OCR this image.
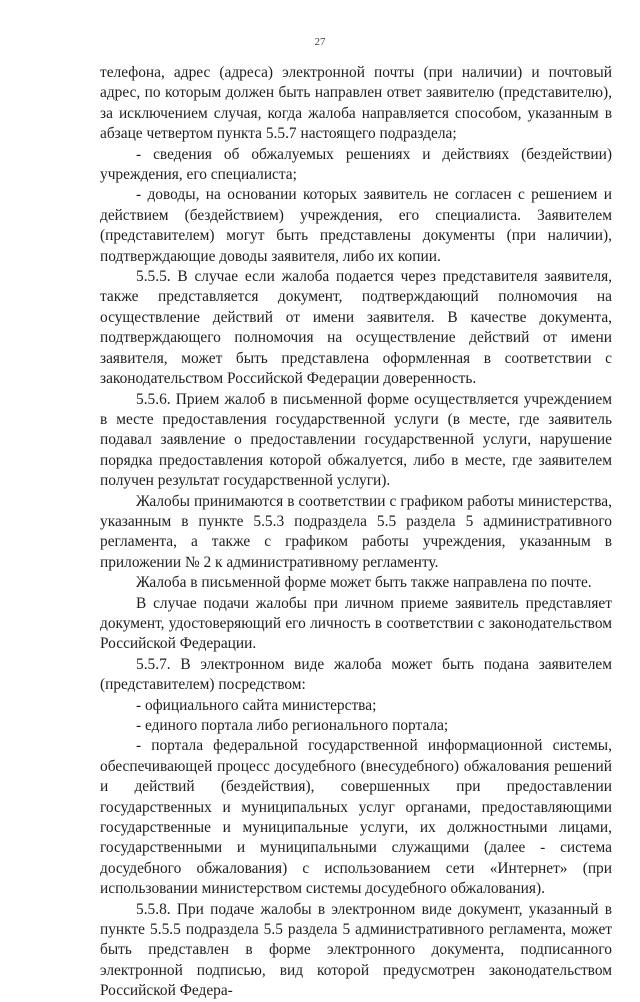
27

телефона, адрес (адреса) электронной почты (при наличии) и почтовый адрес, по которым должен быть направлен ответ заявителю (представителю), за исключением случая, когда жалоба направляется способом, указанным в абзаце четвертом пункта 5.5.7 настоящего подраздела;

- сведения об обжалуемых решениях и действиях (бездействии) учреждения, его специалиста;

- доводы, на основании которых заявитель не согласен с решением и действием (бездействием) учреждения, его специалиста. Заявителем (представителем) могут быть представлены документы (при наличии), подтверждающие доводы заявителя, либо их копии.

5.5.5. В случае если жалоба подается через представителя заявителя, также представляется документ, подтверждающий полномочия на осуществление действий от имени заявителя. В качестве документа, подтверждающего полномочия на осуществление действий от имени заявителя, может быть представлена оформленная в соответствии с законодательством Российской Федерации доверенность.

5.5.6. Прием жалоб в письменной форме осуществляется учреждением в месте предоставления государственной услуги (в месте, где заявитель подавал заявление о предоставлении государственной услуги, нарушение порядка предоставления которой обжалуется, либо в месте, где заявителем получен результат государственной услуги).

Жалобы принимаются в соответствии с графиком работы министерства, указанным в пункте 5.5.3 подраздела 5.5 раздела 5 административного регламента, а также с графиком работы учреждения, указанным в приложении № 2 к административному регламенту.

Жалоба в письменной форме может быть также направлена по почте.

В случае подачи жалобы при личном приеме заявитель представляет документ, удостоверяющий его личность в соответствии с законодательством Российской Федерации.

5.5.7. В электронном виде жалоба может быть подана заявителем (представителем) посредством:

- официального сайта министерства;

- единого портала либо регионального портала;

- портала федеральной государственной информационной системы, обеспечивающей процесс досудебного (внесудебного) обжалования решений и действий (бездействия), совершенных при предоставлении государственных и муниципальных услуг органами, предоставляющими государственные и муниципальные услуги, их должностными лицами, государственными и муниципальными служащими (далее - система досудебного обжалования) с использованием сети «Интернет» (при использовании министерством системы досудебного обжалования).

5.5.8. При подаче жалобы в электронном виде документ, указанный в пункте 5.5.5 подраздела 5.5 раздела 5 административного регламента, может быть представлен в форме электронного документа, подписанного электронной подписью, вид которой предусмотрен законодательством Российской Федера-
